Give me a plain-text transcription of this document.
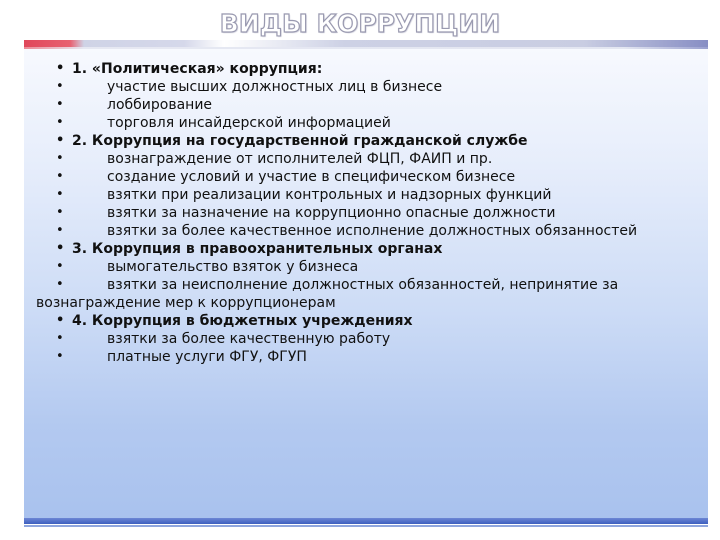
ВИДЫ КОРРУПЦИИ
• 1. «Политическая» коррупция:
•	участие высших должностных лиц в бизнесе
•	лоббирование
•	торговля инсайдерской информацией
• 2. Коррупция на государственной гражданской службе
•	вознаграждение от исполнителей ФЦП, ФАИП и пр.
•	создание условий и участие в специфическом бизнесе
•	взятки при реализации контрольных и надзорных функций
•	взятки за назначение на коррупционно опасные должности
•	взятки за более качественное исполнение должностных обязанностей
• 3. Коррупция в правоохранительных органах
•	вымогательство взяток у бизнеса
•	взятки за неисполнение должностных обязанностей, непринятие за
вознаграждение мер к коррупционерам
• 4. Коррупция в бюджетных учреждениях
•	взятки за более качественную работу
•	платные услуги ФГУ, ФГУП
